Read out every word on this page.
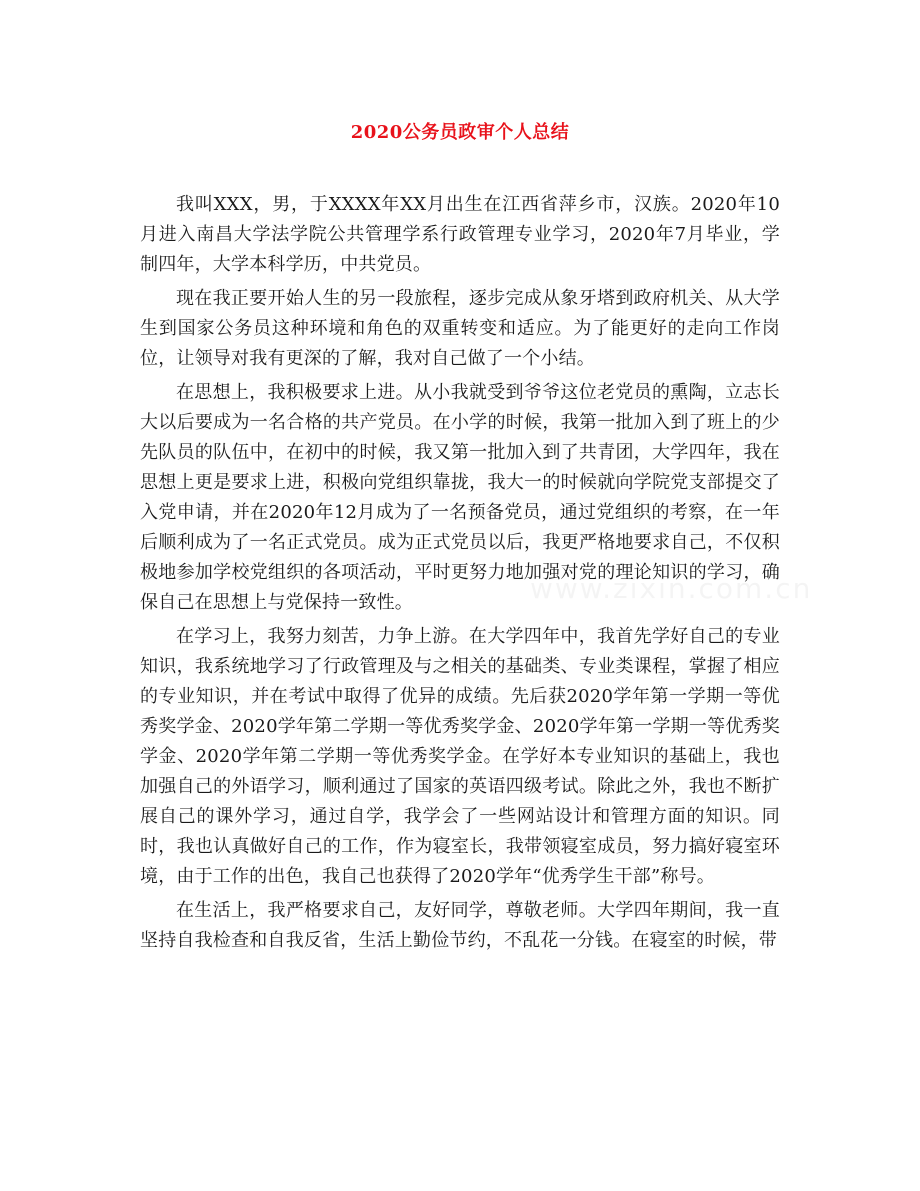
2020公务员政审个人总结

我叫XXX，男，于XXXX年XX月出生在江西省萍乡市，汉族。2020年10月进入南昌大学法学院公共管理学系行政管理专业学习，2020年7月毕业，学制四年，大学本科学历，中共党员。

现在我正要开始人生的另一段旅程，逐步完成从象牙塔到政府机关、从大学生到国家公务员这种环境和角色的双重转变和适应。为了能更好的走向工作岗位，让领导对我有更深的了解，我对自己做了一个小结。

在思想上，我积极要求上进。从小我就受到爷爷这位老党员的熏陶，立志长大以后要成为一名合格的共产党员。在小学的时候，我第一批加入到了班上的少先队员的队伍中，在初中的时候，我又第一批加入到了共青团，大学四年，我在思想上更是要求上进，积极向党组织靠拢，我大一的时候就向学院党支部提交了入党申请，并在2020年12月成为了一名预备党员，通过党组织的考察，在一年后顺利成为了一名正式党员。成为正式党员以后，我更严格地要求自己，不仅积极地参加学校党组织的各项活动，平时更努力地加强对党的理论知识的学习，确保自己在思想上与党保持一致性。

在学习上，我努力刻苦，力争上游。在大学四年中，我首先学好自己的专业知识，我系统地学习了行政管理及与之相关的基础类、专业类课程，掌握了相应的专业知识，并在考试中取得了优异的成绩。先后获2020学年第一学期一等优秀奖学金、2020学年第二学期一等优秀奖学金、2020学年第一学期一等优秀奖学金、2020学年第二学期一等优秀奖学金。在学好本专业知识的基础上，我也加强自己的外语学习，顺利通过了国家的英语四级考试。除此之外，我也不断扩展自己的课外学习，通过自学，我学会了一些网站设计和管理方面的知识。同时，我也认真做好自己的工作，作为寝室长，我带领寝室成员，努力搞好寝室环境，由于工作的出色，我自己也获得了2020学年“优秀学生干部”称号。

在生活上，我严格要求自己，友好同学，尊敬老师。大学四年期间，我一直坚持自我检查和自我反省，生活上勤俭节约，不乱花一分钱。在寝室的时候，带
